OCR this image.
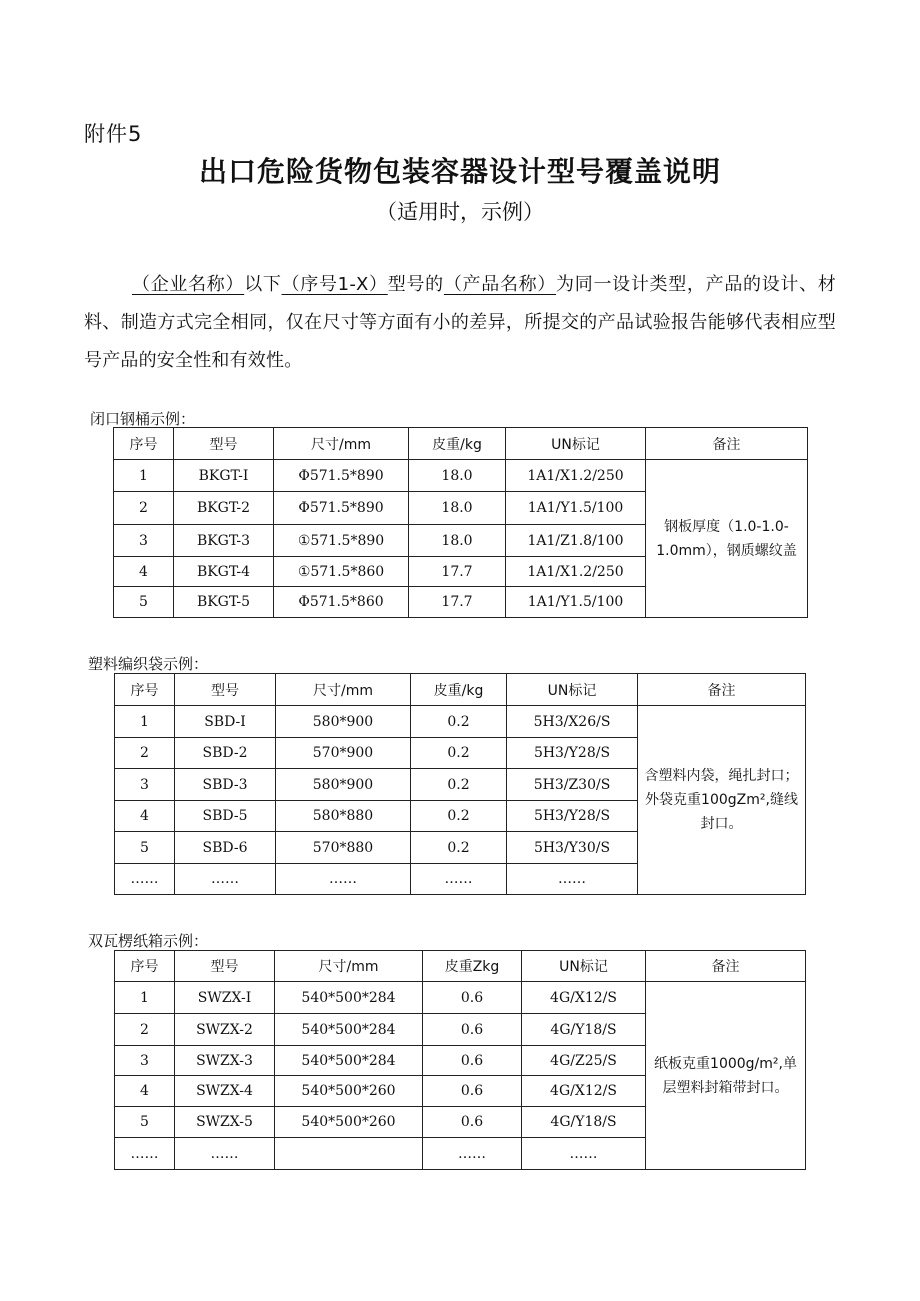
附件5
出口危险货物包装容器设计型号覆盖说明
（适用时，示例）
（企业名称）以下（序号1-X）型号的（产品名称）为同一设计类型，产品的设计、材料、制造方式完全相同，仅在尺寸等方面有小的差异，所提交的产品试验报告能够代表相应型号产品的安全性和有效性。
闭口钢桶示例：
序号	型号	尺寸/mm	皮重/kg	UN标记	备注
1	BKGT-I	Φ571.5*890	18.0	1A1/X1.2/250	钢板厚度（1.0-1.0-1.0mm），钢质螺纹盖
2	BKGT-2	Φ571.5*890	18.0	1A1/Y1.5/100	
3	BKGT-3	①571.5*890	18.0	1A1/Z1.8/100	
4	BKGT-4	①571.5*860	17.7	1A1/X1.2/250	
5	BKGT-5	Φ571.5*860	17.7	1A1/Y1.5/100	
塑料编织袋示例：
序号	型号	尺寸/mm	皮重/kg	UN标记	备注
1	SBD-I	580*900	0.2	5H3/X26/S	含塑料内袋，绳扎封口；外袋克重100gZm²,缝线封口。
2	SBD-2	570*900	0.2	5H3/Y28/S	
3	SBD-3	580*900	0.2	5H3/Z30/S	
4	SBD-5	580*880	0.2	5H3/Y28/S	
5	SBD-6	570*880	0.2	5H3/Y30/S	
……	……	……	……	……	
双瓦楞纸箱示例：
序号	型号	尺寸/mm	皮重Zkg	UN标记	备注
1	SWZX-I	540*500*284	0.6	4G/X12/S	纸板克重1000g/m²,单层塑料封箱带封口。
2	SWZX-2	540*500*284	0.6	4G/Y18/S	
3	SWZX-3	540*500*284	0.6	4G/Z25/S	
4	SWZX-4	540*500*260	0.6	4G/X12/S	
5	SWZX-5	540*500*260	0.6	4G/Y18/S	
……	……		……	……	
